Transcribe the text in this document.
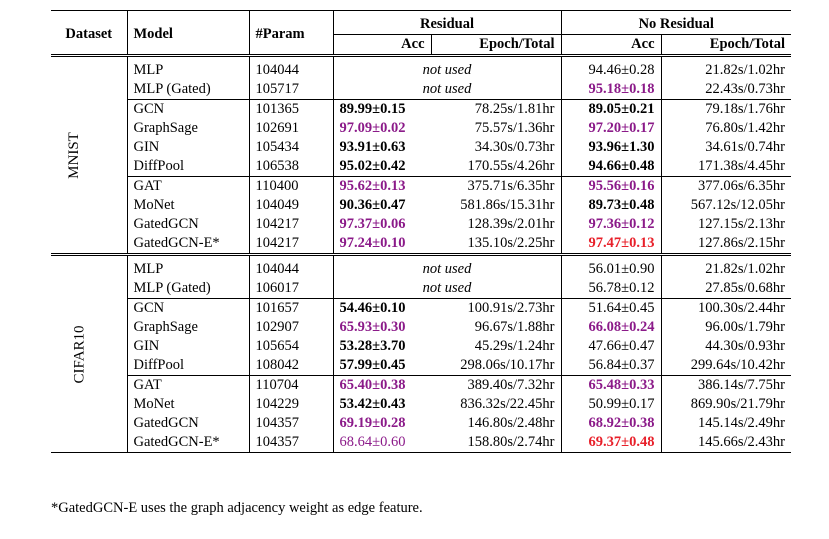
Dataset	Model	#Param	Residual		No Residual	
			Acc	Epoch/Total	Acc	Epoch/Total
MNIST	MLP	104044	not used		94.46±0.28	21.82s/1.02hr
	MLP (Gated)	105717	not used		95.18±0.18	22.43s/0.73hr
	GCN	101365	89.99±0.15	78.25s/1.81hr	89.05±0.21	79.18s/1.76hr
	GraphSage	102691	97.09±0.02	75.57s/1.36hr	97.20±0.17	76.80s/1.42hr
	GIN	105434	93.91±0.63	34.30s/0.73hr	93.96±1.30	34.61s/0.74hr
	DiffPool	106538	95.02±0.42	170.55s/4.26hr	94.66±0.48	171.38s/4.45hr
	GAT	110400	95.62±0.13	375.71s/6.35hr	95.56±0.16	377.06s/6.35hr
	MoNet	104049	90.36±0.47	581.86s/15.31hr	89.73±0.48	567.12s/12.05hr
	GatedGCN	104217	97.37±0.06	128.39s/2.01hr	97.36±0.12	127.15s/2.13hr
	GatedGCN-E*	104217	97.24±0.10	135.10s/2.25hr	97.47±0.13	127.86s/2.15hr
CIFAR10	MLP	104044	not used		56.01±0.90	21.82s/1.02hr
	MLP (Gated)	106017	not used		56.78±0.12	27.85s/0.68hr
	GCN	101657	54.46±0.10	100.91s/2.73hr	51.64±0.45	100.30s/2.44hr
	GraphSage	102907	65.93±0.30	96.67s/1.88hr	66.08±0.24	96.00s/1.79hr
	GIN	105654	53.28±3.70	45.29s/1.24hr	47.66±0.47	44.30s/0.93hr
	DiffPool	108042	57.99±0.45	298.06s/10.17hr	56.84±0.37	299.64s/10.42hr
	GAT	110704	65.40±0.38	389.40s/7.32hr	65.48±0.33	386.14s/7.75hr
	MoNet	104229	53.42±0.43	836.32s/22.45hr	50.99±0.17	869.90s/21.79hr
	GatedGCN	104357	69.19±0.28	146.80s/2.48hr	68.92±0.38	145.14s/2.49hr
	GatedGCN-E*	104357	68.64±0.60	158.80s/2.74hr	69.37±0.48	145.66s/2.43hr
*GatedGCN-E uses the graph adjacency weight as edge feature.
